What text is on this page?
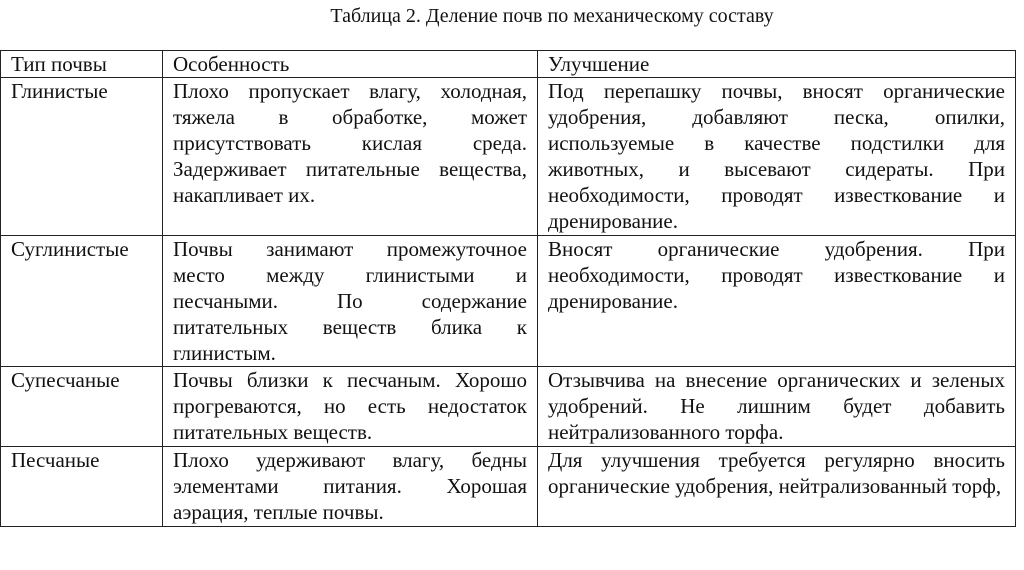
Таблица 2. Деление почв по механическому составу
Тип почвы	Особенность	Улучшение
Глинистые	Плохо пропускает влагу, холодная, тяжела в обработке, может присутствовать кислая среда. Задерживает питательные вещества, накапливает их.	Под перепашку почвы, вносят органические удобрения, добавляют песка, опилки, используемые в качестве подстилки для животных, и высевают сидераты. При необходимости, проводят известкование и дренирование.
Суглинистые	Почвы занимают промежуточное место между глинистыми и песчаными. По содержание питательных веществ блика к глинистым.	Вносят органические удобрения. При необходимости, проводят известкование и дренирование.
Супесчаные	Почвы близки к песчаным. Хорошо прогреваются, но есть недостаток питательных веществ.	Отзывчива на внесение органических и зеленых удобрений. Не лишним будет добавить нейтрализованного торфа.
Песчаные	Плохо удерживают влагу, бедны элементами питания. Хорошая аэрация, теплые почвы.	Для улучшения требуется регулярно вносить органические удобрения, нейтрализованный торф,
